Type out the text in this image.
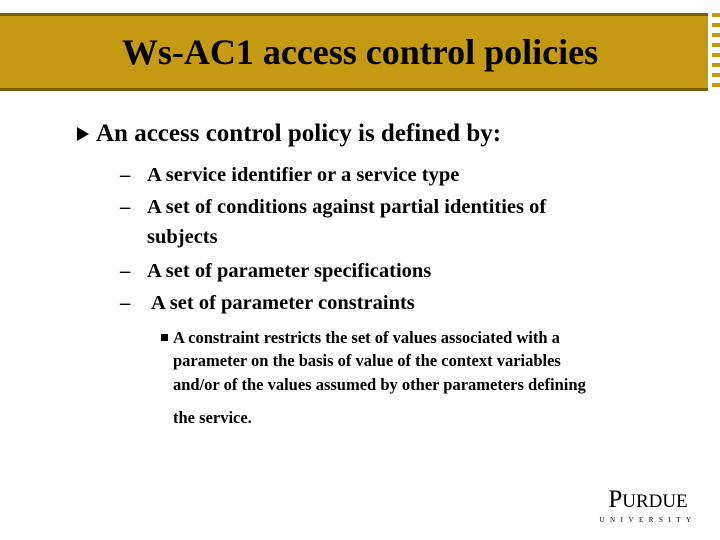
Ws-AC1 access control policies
An access control policy is defined by:
– A service identifier or a service type
– A set of conditions against partial identities of
subjects
– A set of parameter specifications
– A set of parameter constraints
A constraint restricts the set of values associated with a
parameter on the basis of value of the context variables
and/or of the values assumed by other parameters defining
the service.
PURDUE
UNIVERSITY
